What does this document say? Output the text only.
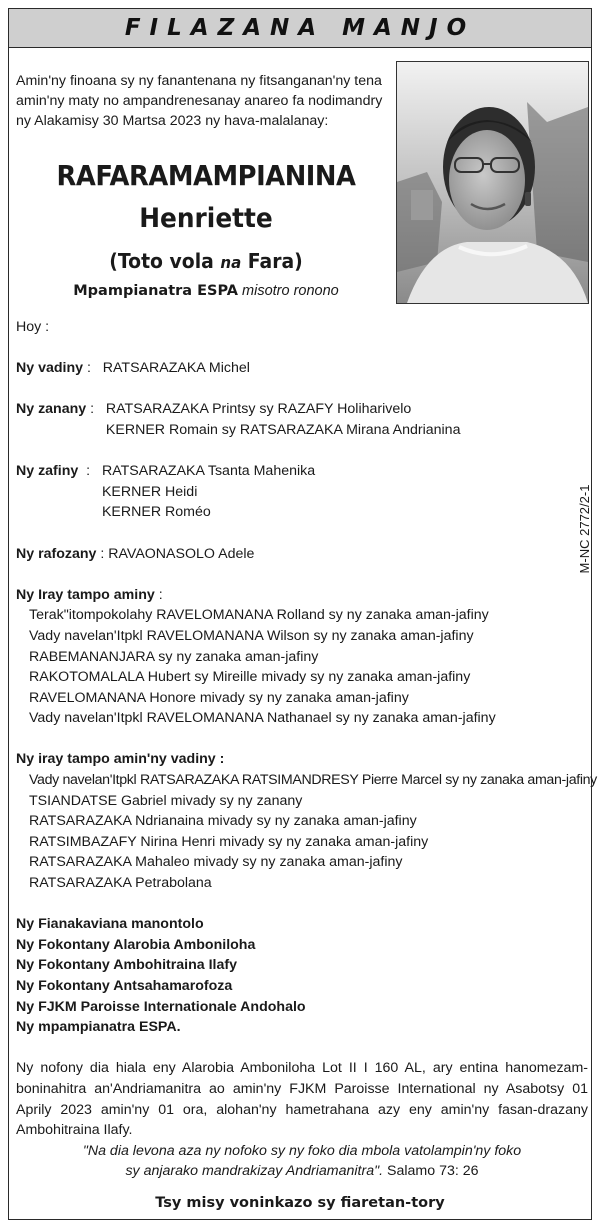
FILAZANA MANJO
Amin'ny finoana sy ny fanantenana ny fitsanganan'ny tena amin'ny maty no ampandrenesanay anareo fa nodimandry ny Alakamisy 30 Martsa 2023 ny hava-malalanay:
RAFARAMAMPIANINA
Henriette
(Toto vola na Fara)
Mpampianatra ESPA misotro ronono
Hoy :
Ny vadiny : RATSARAZAKA Michel
Ny zanany : RATSARAZAKA Printsy sy RAZAFY Holiharivelo
KERNER Romain sy RATSARAZAKA Mirana Andrianina
Ny zafiny : RATSARAZAKA Tsanta Mahenika
KERNER Heidi
KERNER Roméo
Ny rafozany : RAVAONASOLO Adele
Ny Iray tampo aminy :
Terak"itompokolahy RAVELOMANANA Rolland sy ny zanaka aman-jafiny
Vady navelan'Itpkl RAVELOMANANA Wilson sy ny zanaka aman-jafiny
RABEMANANJARA sy ny zanaka aman-jafiny
RAKOTOMALALA Hubert sy Mireille mivady sy ny zanaka aman-jafiny
RAVELOMANANA Honore mivady sy ny zanaka aman-jafiny
Vady navelan'Itpkl RAVELOMANANA Nathanael sy ny zanaka aman-jafiny
Ny iray tampo amin'ny vadiny :
Vady navelan'Itpkl RATSARAZAKA RATSIMANDRESY Pierre Marcel sy ny zanaka aman-jafiny
TSIANDATSE Gabriel mivady sy ny zanany
RATSARAZAKA Ndrianaina mivady sy ny zanaka aman-jafiny
RATSIMBAZAFY Nirina Henri mivady sy ny zanaka aman-jafiny
RATSARAZAKA Mahaleo mivady sy ny zanaka aman-jafiny
RATSARAZAKA Petrabolana
Ny Fianakaviana manontolo
Ny Fokontany Alarobia Amboniloha
Ny Fokontany Ambohitraina Ilafy
Ny Fokontany Antsahamarofoza
Ny FJKM Paroisse Internationale Andohalo
Ny mpampianatra ESPA.
Ny nofony dia hiala eny Alarobia Amboniloha Lot II I 160 AL, ary entina hanomezam-boninahitra an'Andriamanitra ao amin'ny FJKM Paroisse International ny Asabotsy 01 Aprily 2023 amin'ny 01 ora, alohan'ny hametrahana azy eny amin'ny fasan-drazany Ambohitraina Ilafy.
"Na dia levona aza ny nofoko sy ny foko dia mbola vatolampin'ny foko
sy anjarako mandrakizay Andriamanitra". Salamo 73: 26
Tsy misy voninkazo sy fiaretan-tory
M-NC 2772/2-1
